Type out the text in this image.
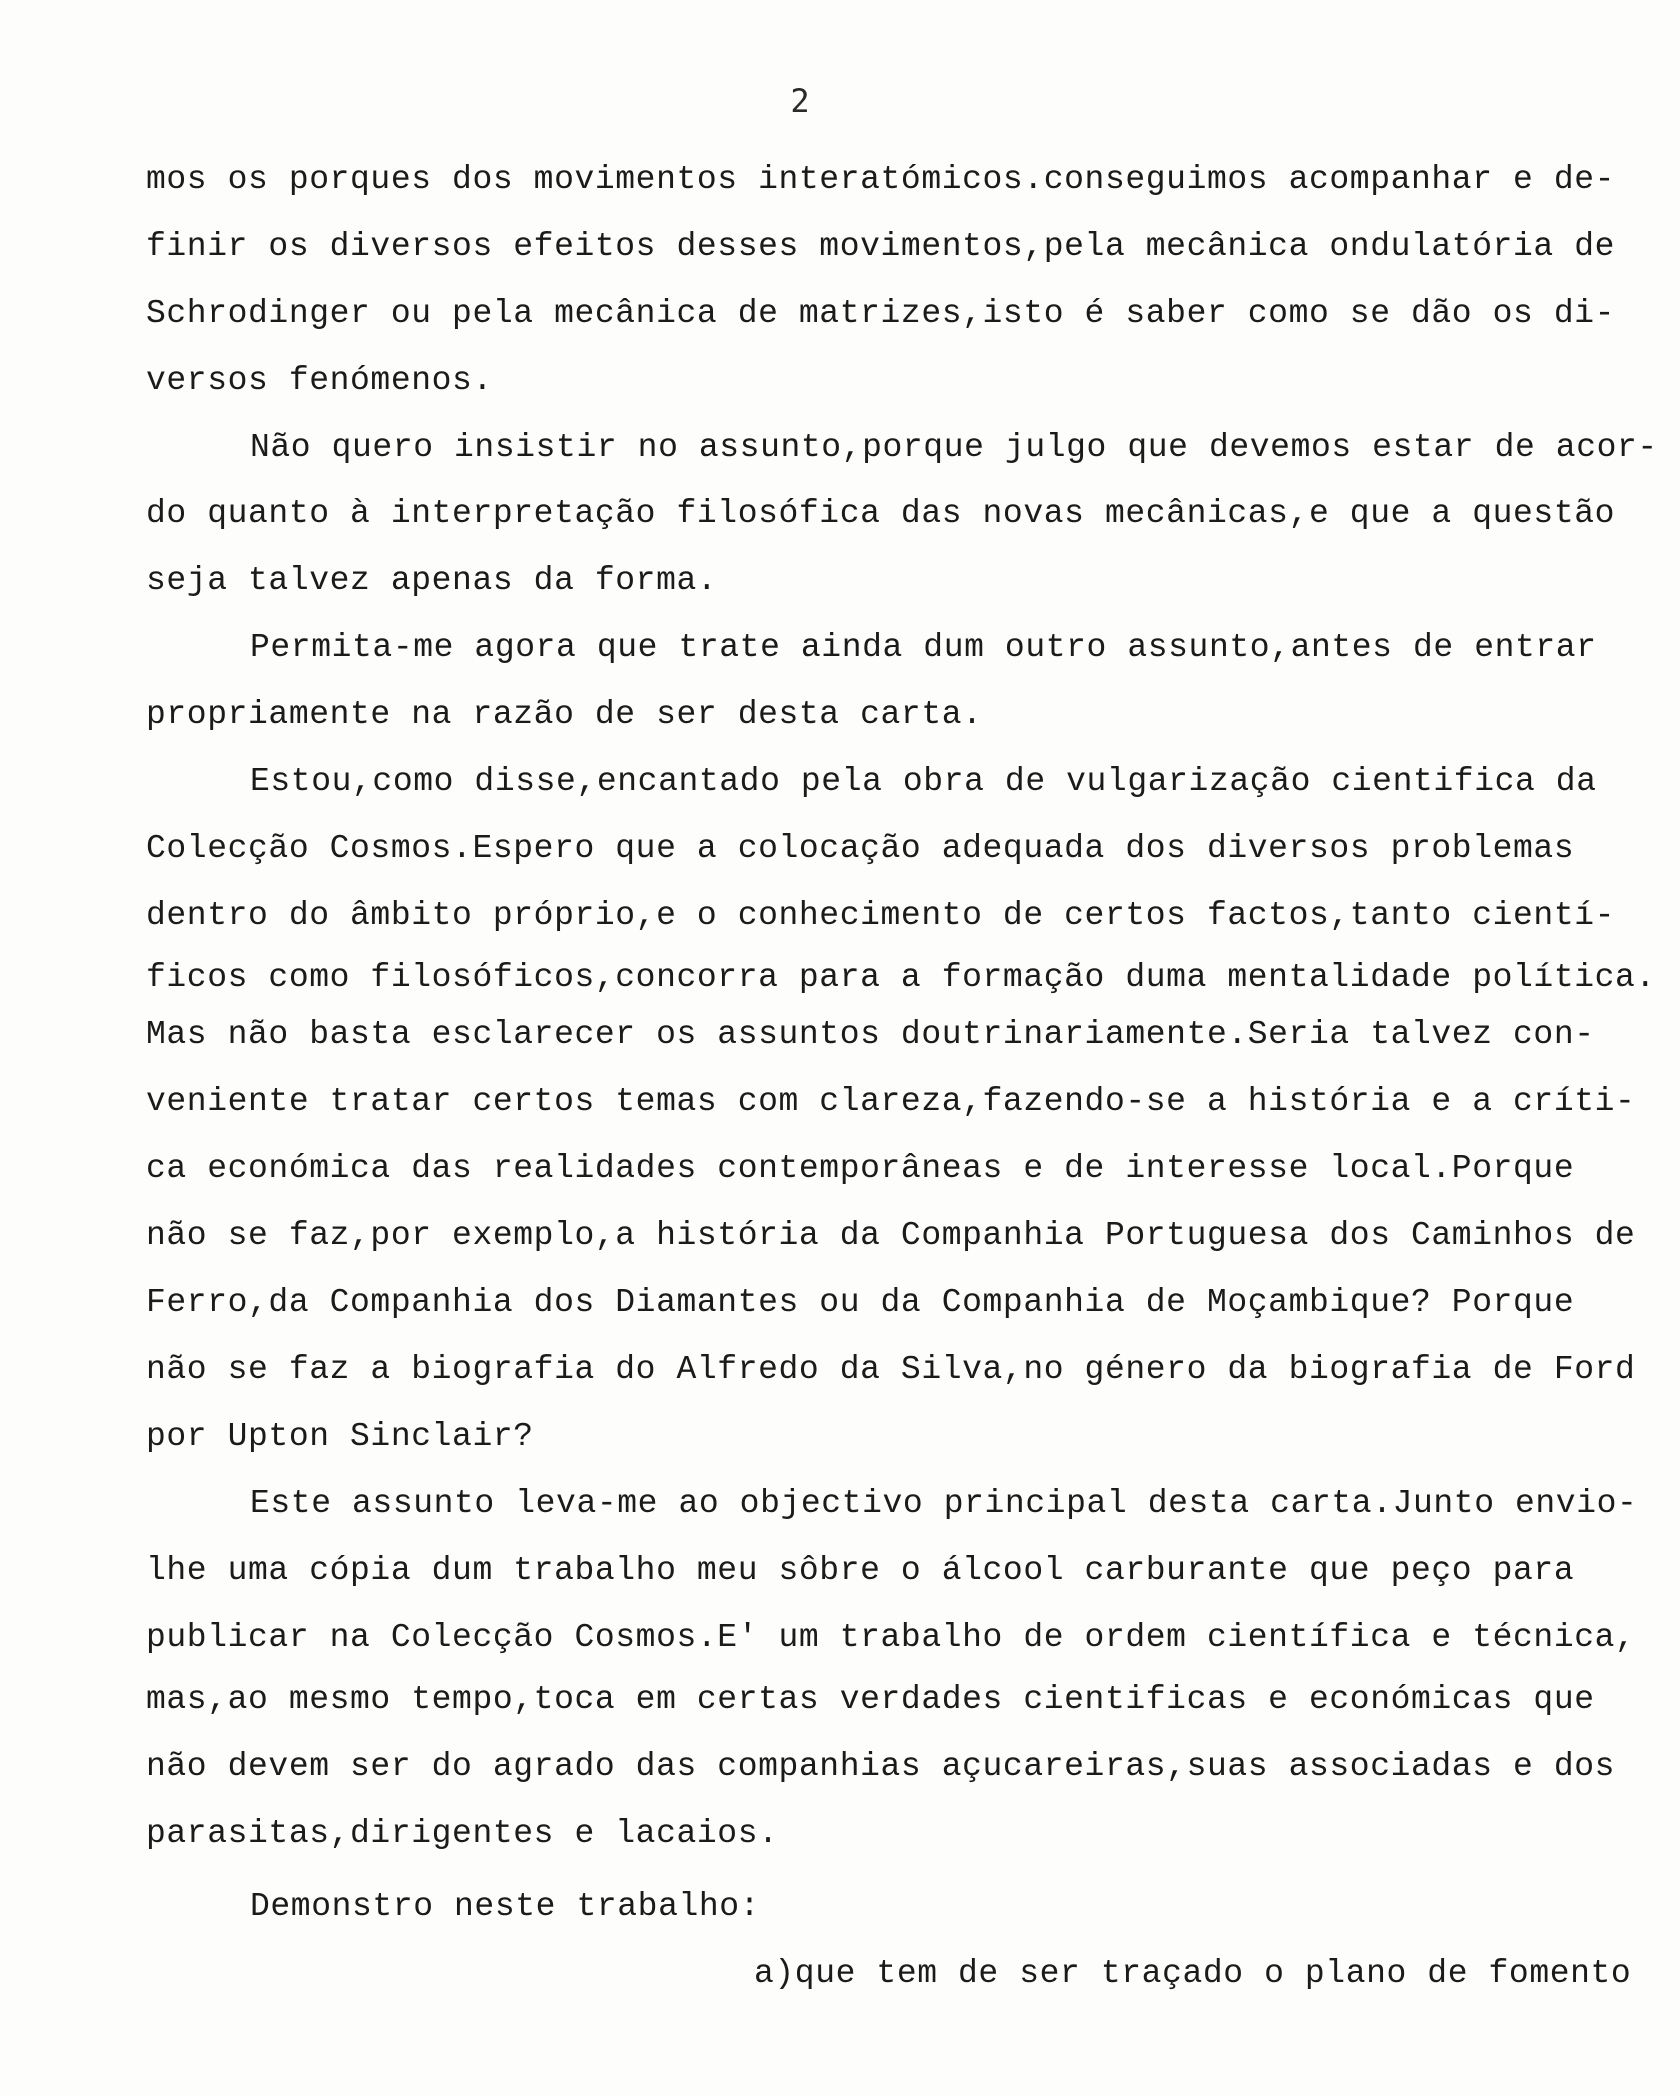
2

mos os porques dos movimentos interatómicos.conseguimos acompanhar e de-

finir os diversos efeitos desses movimentos,pela mecânica ondulatória de

Schrodinger ou pela mecânica de matrizes,isto é saber como se dão os di-

versos fenómenos.

Não quero insistir no assunto,porque julgo que devemos estar de acor-

do quanto à interpretação filosófica das novas mecânicas,e que a questão

seja talvez apenas da forma.

Permita-me agora que trate ainda dum outro assunto,antes de entrar

propriamente na razão de ser desta carta.

Estou,como disse,encantado pela obra de vulgarização cientifica da

Colecção Cosmos.Espero que a colocação adequada dos diversos problemas

dentro do âmbito próprio,e o conhecimento de certos factos,tanto cientí-

ficos como filosóficos,concorra para a formação duma mentalidade política.

Mas não basta esclarecer os assuntos doutrinariamente.Seria talvez con-

veniente tratar certos temas com clareza,fazendo-se a história e a críti-

ca económica das realidades contemporâneas e de interesse local.Porque

não se faz,por exemplo,a história da Companhia Portuguesa dos Caminhos de

Ferro,da Companhia dos Diamantes ou da Companhia de Moçambique? Porque

não se faz a biografia do Alfredo da Silva,no género da biografia de Ford

por Upton Sinclair?

Este assunto leva-me ao objectivo principal desta carta.Junto envio-

lhe uma cópia dum trabalho meu sôbre o álcool carburante que peço para

publicar na Colecção Cosmos.E' um trabalho de ordem científica e técnica,

mas,ao mesmo tempo,toca em certas verdades cientificas e económicas que

não devem ser do agrado das companhias açucareiras,suas associadas e dos

parasitas,dirigentes e lacaios.

Demonstro neste trabalho:

a)que tem de ser traçado o plano de fomento
